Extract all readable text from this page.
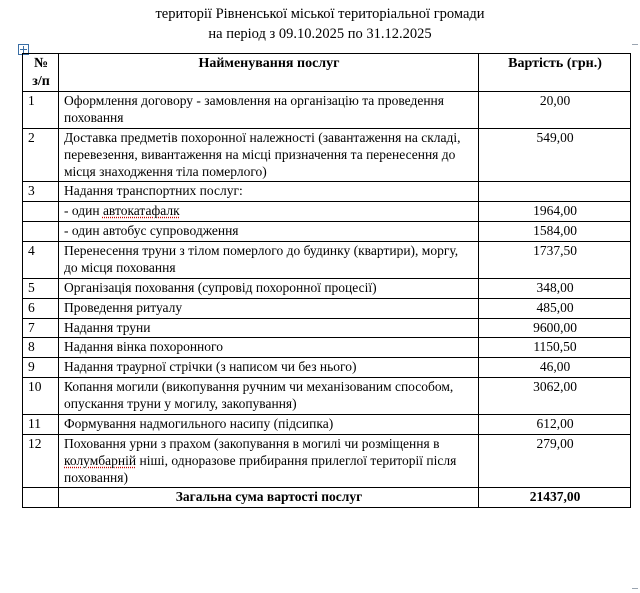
території Рівненської міської територіальної громади
на період з 09.10.2025 по 31.12.2025
№
з/п	Найменування послуг	Вартість (грн.)
1	Оформлення договору - замовлення на організацію та проведення поховання	20,00
2	Доставка предметів похоронної належності (завантаження на складі, перевезення, вивантаження на місці призначення та перенесення до місця знаходження тіла померлого)	549,00
3	Надання транспортних послуг:	
	- один автокатафалк	1964,00
	- один автобус супроводження	1584,00
4	Перенесення труни з тілом померлого до будинку (квартири), моргу, до місця поховання	1737,50
5	Організація поховання (супровід похоронної процесії)	348,00
6	Проведення ритуалу	485,00
7	Надання труни	9600,00
8	Надання вінка похоронного	1150,50
9	Надання траурної стрічки (з написом чи без нього)	46,00
10	Копання могили (викопування ручним чи механізованим способом, опускання труни у могилу, закопування)	3062,00
11	Формування надмогильного насипу (підсипка)	612,00
12	Поховання урни з прахом (закопування в могилі чи розміщення в колумбарній ніші, одноразове прибирання прилеглої території після поховання)	279,00
	Загальна сума вартості послуг	21437,00
